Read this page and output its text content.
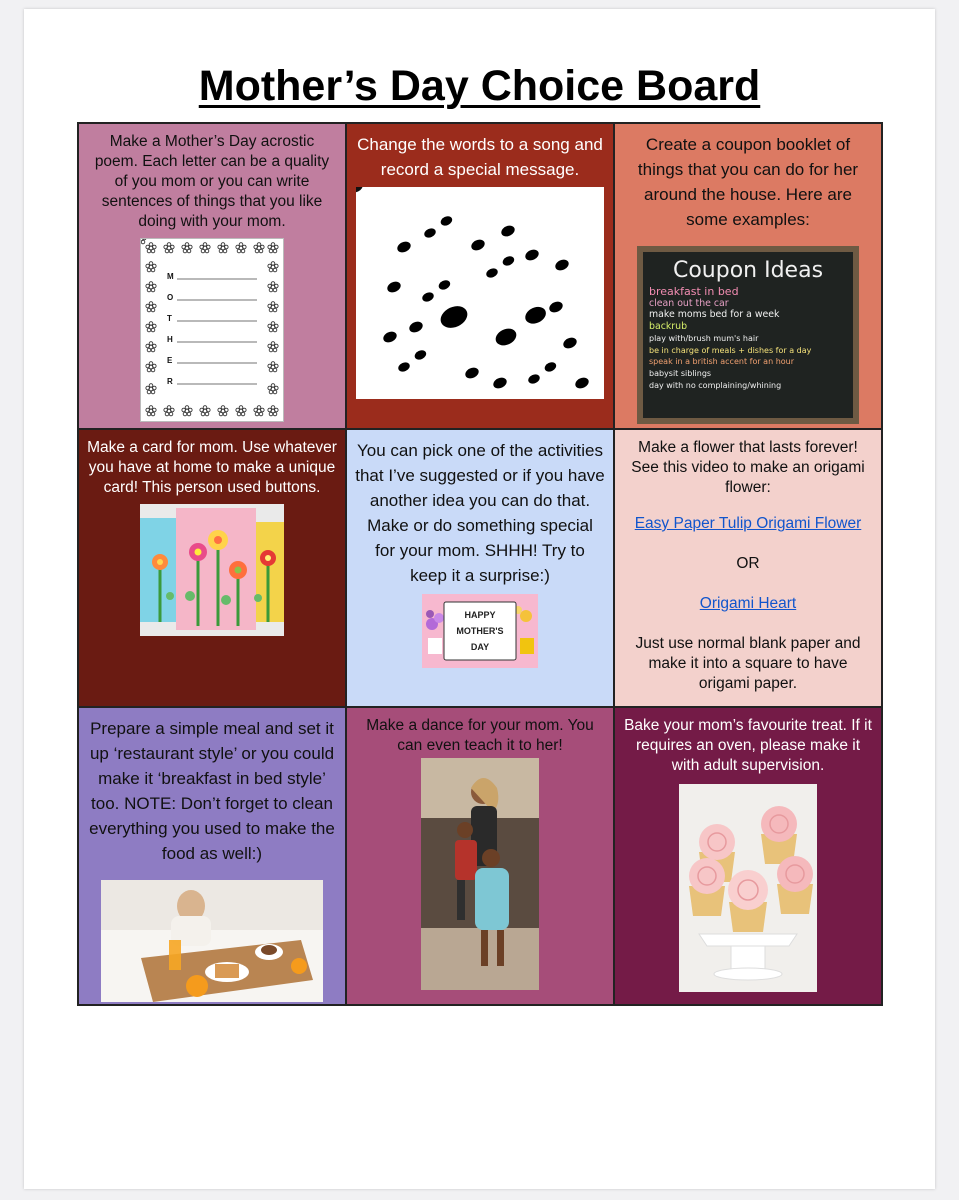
Mother’s Day Choice Board

Make a Mother’s Day acrostic poem. Each letter can be a quality of you mom or you can write sentences of things that you like doing with your mom.

M
O
T
H
E
R

Change the words to a song and record a special message.

Create a coupon booklet of things that you can do for her around the house. Here are some examples:

Coupon Ideas
breakfast in bed
clean out the car
make moms bed for a week
backrub
play with/brush mum's hair
be in charge of meals + dishes for a day
speak in a british accent for an hour
babysit siblings
day with no complaining/whining

Make a card for mom. Use whatever you have at home to make a unique card! This person used buttons.

You can pick one of the activities that I’ve suggested or if you have another idea you can do that. Make or do something special for your mom. SHHH! Try to keep it a surprise:)

HAPPY
MOTHER'S
DAY

Make a flower that lasts forever! See this video to make an origami flower:

Easy Paper Tulip Origami Flower

OR

Origami Heart

Just use normal blank paper and make it into a square to have origami paper.

Prepare a simple meal and set it up ‘restaurant style’ or you could make it ‘breakfast in bed style’ too. NOTE: Don’t forget to clean everything you used to make the food as well:)

Make a dance for your mom. You can even teach it to her!

Bake your mom’s favourite treat. If it requires an oven, please make it with adult supervision.
